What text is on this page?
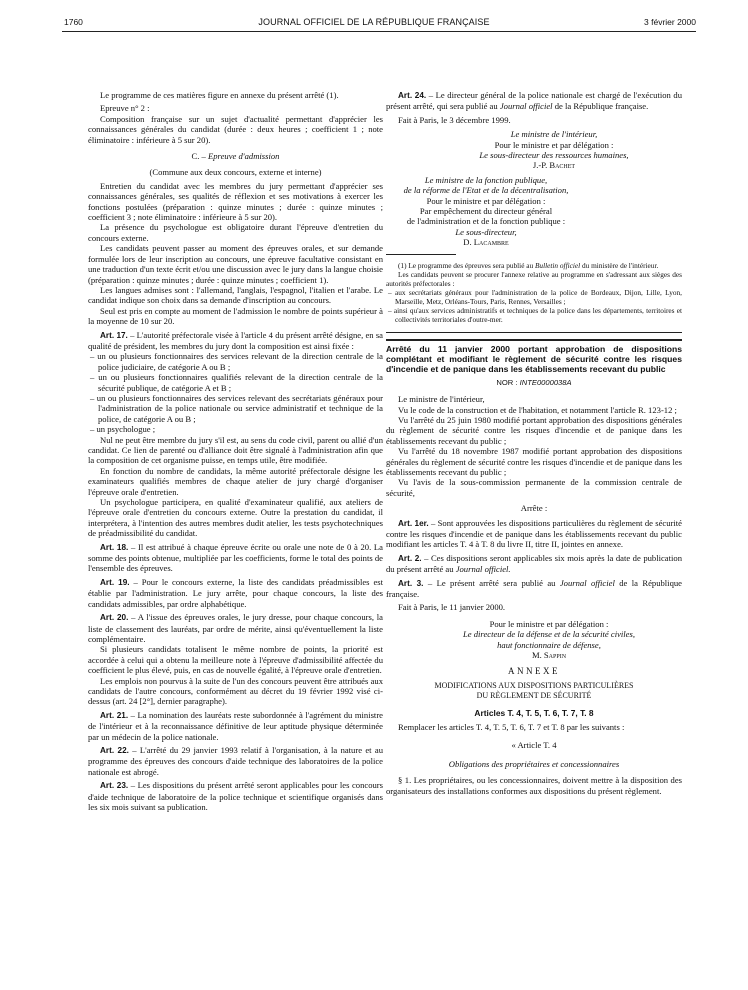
1760	JOURNAL OFFICIEL DE LA RÉPUBLIQUE FRANÇAISE	3 février 2000

Le programme de ces matières figure en annexe du présent arrêté (1).

Epreuve n° 2 :

Composition française sur un sujet d'actualité permettant d'apprécier les connaissances générales du candidat (durée : deux heures ; coefficient 1 ; note éliminatoire : inférieure à 5 sur 20).

C. – Epreuve d'admission

(Commune aux deux concours, externe et interne)

Entretien du candidat avec les membres du jury permettant d'apprécier ses connaissances générales, ses qualités de réflexion et ses motivations à exercer les fonctions postulées (préparation : quinze minutes ; durée : quinze minutes ; coefficient 3 ; note éliminatoire : inférieure à 5 sur 20).

La présence du psychologue est obligatoire durant l'épreuve d'entretien du concours externe.

Les candidats peuvent passer au moment des épreuves orales, et sur demande formulée lors de leur inscription au concours, une épreuve facultative consistant en une traduction d'un texte écrit et/ou une discussion avec le jury dans la langue choisie (préparation : quinze minutes ; durée : quinze minutes ; coefficient 1).

Les langues admises sont : l'allemand, l'anglais, l'espagnol, l'italien et l'arabe. Le candidat indique son choix dans sa demande d'inscription au concours.

Seul est pris en compte au moment de l'admission le nombre de points supérieur à la moyenne de 10 sur 20.

Art. 17. – L'autorité préfectorale visée à l'article 4 du présent arrêté désigne, en sa qualité de président, les membres du jury dont la composition est ainsi fixée :

– un ou plusieurs fonctionnaires des services relevant de la direction centrale de la police judiciaire, de catégorie A ou B ;

– un ou plusieurs fonctionnaires qualifiés relevant de la direction centrale de la sécurité publique, de catégorie A et B ;

– un ou plusieurs fonctionnaires des services relevant des secrétariats généraux pour l'administration de la police nationale ou service administratif et technique de la police, de catégorie A ou B ;

– un psychologue ;

Nul ne peut être membre du jury s'il est, au sens du code civil, parent ou allié d'un candidat. Ce lien de parenté ou d'alliance doit être signalé à l'administration afin que la composition de cet organisme puisse, en temps utile, être modifiée.

En fonction du nombre de candidats, la même autorité préfectorale désigne les examinateurs qualifiés membres de chaque atelier de jury chargé d'organiser l'épreuve orale d'entretien.

Un psychologue participera, en qualité d'examinateur qualifié, aux ateliers de l'épreuve orale d'entretien du concours externe. Outre la prestation du candidat, il interprétera, à l'intention des autres membres dudit atelier, les tests psychotechniques de préadmissibilité du candidat.

Art. 18. – Il est attribué à chaque épreuve écrite ou orale une note de 0 à 20. La somme des points obtenue, multipliée par les coefficients, forme le total des points de l'ensemble des épreuves.

Art. 19. – Pour le concours externe, la liste des candidats préadmissibles est établie par l'administration. Le jury arrête, pour chaque concours, la liste des candidats admissibles, par ordre alphabétique.

Art. 20. – A l'issue des épreuves orales, le jury dresse, pour chaque concours, la liste de classement des lauréats, par ordre de mérite, ainsi qu'éventuellement la liste complémentaire.

Si plusieurs candidats totalisent le même nombre de points, la priorité est accordée à celui qui a obtenu la meilleure note à l'épreuve d'admissibilité affectée du coefficient le plus élevé, puis, en cas de nouvelle égalité, à l'épreuve orale d'entretien.

Les emplois non pourvus à la suite de l'un des concours peuvent être attribués aux candidats de l'autre concours, conformément au décret du 19 février 1992 visé ci-dessus (art. 24 [2°], dernier paragraphe).

Art. 21. – La nomination des lauréats reste subordonnée à l'agrément du ministre de l'intérieur et à la reconnaissance définitive de leur aptitude physique déterminée par un médecin de la police nationale.

Art. 22. – L'arrêté du 29 janvier 1993 relatif à l'organisation, à la nature et au programme des épreuves des concours d'aide technique des laboratoires de la police nationale est abrogé.

Art. 23. – Les dispositions du présent arrêté seront applicables pour les concours d'aide technique de laboratoire de la police technique et scientifique organisés dans les six mois suivant sa publication.

Art. 24. – Le directeur général de la police nationale est chargé de l'exécution du présent arrêté, qui sera publié au Journal officiel de la République française.

Fait à Paris, le 3 décembre 1999.

Le ministre de l'intérieur,

Pour le ministre et par délégation :

Le sous-directeur des ressources humaines,

J.-P. Bachet

Le ministre de la fonction publique,

de la réforme de l'Etat et de la décentralisation,

Pour le ministre et par délégation :

Par empêchement du directeur général

de l'administration et de la fonction publique :

Le sous-directeur,

D. Lacambre

(1) Le programme des épreuves sera publié au Bulletin officiel du ministère de l'intérieur.

Les candidats peuvent se procurer l'annexe relative au programme en s'adressant aux sièges des autorités préfectorales :

– aux secrétariats généraux pour l'administration de la police de Bordeaux, Dijon, Lille, Lyon, Marseille, Metz, Orléans-Tours, Paris, Rennes, Versailles ;

– ainsi qu'aux services administratifs et techniques de la police dans les départements, territoires et collectivités territoriales d'outre-mer.

Arrêté du 11 janvier 2000 portant approbation de dispositions complétant et modifiant le règlement de sécurité contre les risques d'incendie et de panique dans les établissements recevant du public

NOR : INTE0000038A

Le ministre de l'intérieur,

Vu le code de la construction et de l'habitation, et notamment l'article R. 123-12 ;

Vu l'arrêté du 25 juin 1980 modifié portant approbation des dispositions générales du règlement de sécurité contre les risques d'incendie et de panique dans les établissements recevant du public ;

Vu l'arrêté du 18 novembre 1987 modifié portant approbation des dispositions générales du règlement de sécurité contre les risques d'incendie et de panique dans les établissements recevant du public ;

Vu l'avis de la sous-commission permanente de la commission centrale de sécurité,

Arrête :

Art. 1er. – Sont approuvées les dispositions particulières du règlement de sécurité contre les risques d'incendie et de panique dans les établissements recevant du public modifiant les articles T. 4 à T. 8 du livre II, titre II, jointes en annexe.

Art. 2. – Ces dispositions seront applicables six mois après la date de publication du présent arrêté au Journal officiel.

Art. 3. – Le présent arrêté sera publié au Journal officiel de la République française.

Fait à Paris, le 11 janvier 2000.

Pour le ministre et par délégation :

Le directeur de la défense et de la sécurité civiles,

haut fonctionnaire de défense,

M. Sappin

ANNEXE

MODIFICATIONS AUX DISPOSITIONS PARTICULIÈRES

DU RÈGLEMENT DE SÉCURITÉ

Articles T. 4, T. 5, T. 6, T. 7, T. 8

Remplacer les articles T. 4, T. 5, T. 6, T. 7 et T. 8 par les suivants :

« Article T. 4

Obligations des propriétaires et concessionnaires

§ 1. Les propriétaires, ou les concessionnaires, doivent mettre à la disposition des organisateurs des installations conformes aux dispositions du présent règlement.
